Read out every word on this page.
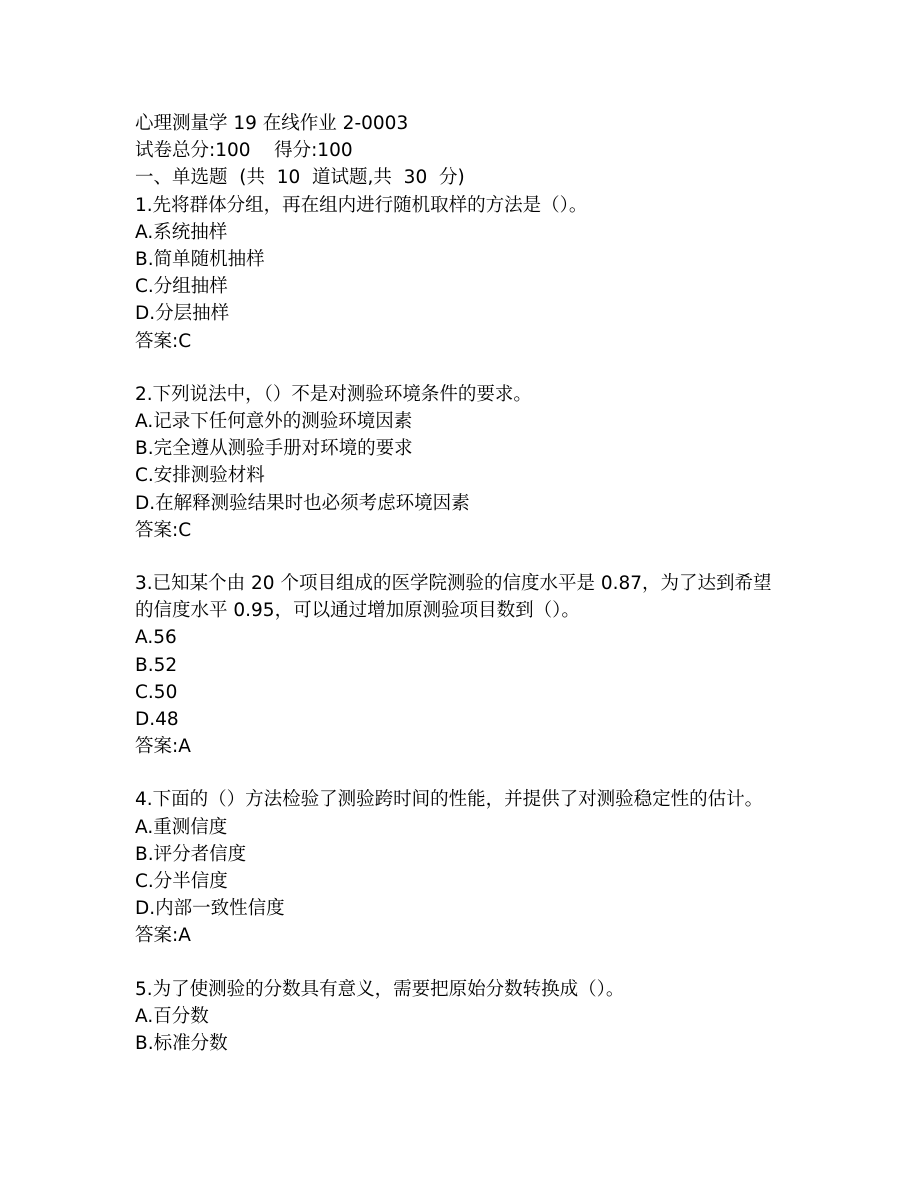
心理测量学 19 在线作业 2-0003
试卷总分:100    得分:100
一、单选题  (共  10  道试题,共  30  分)
1.先将群体分组，再在组内进行随机取样的方法是（）。
A.系统抽样
B.简单随机抽样
C.分组抽样
D.分层抽样
答案:C
2.下列说法中，（）不是对测验环境条件的要求。
A.记录下任何意外的测验环境因素
B.完全遵从测验手册对环境的要求
C.安排测验材料
D.在解释测验结果时也必须考虑环境因素
答案:C
3.已知某个由 20 个项目组成的医学院测验的信度水平是 0.87，为了达到希望的信度水平 0.95，可以通过增加原测验项目数到（）。
A.56
B.52
C.50
D.48
答案:A
4.下面的（）方法检验了测验跨时间的性能，并提供了对测验稳定性的估计。
A.重测信度
B.评分者信度
C.分半信度
D.内部一致性信度
答案:A
5.为了使测验的分数具有意义，需要把原始分数转换成（）。
A.百分数
B.标准分数
